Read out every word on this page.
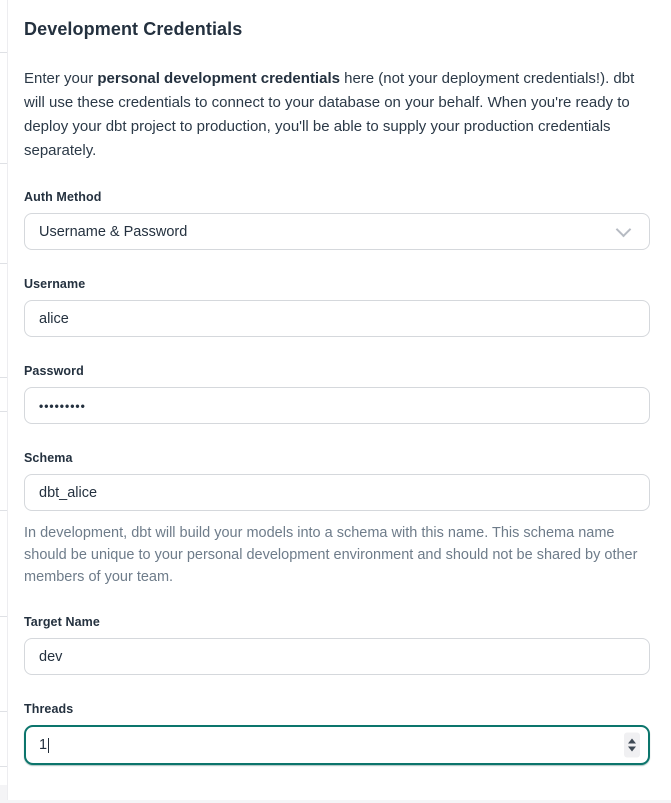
Development Credentials

Enter your personal development credentials here (not your deployment credentials!). dbt will use these credentials to connect to your database on your behalf. When you're ready to deploy your dbt project to production, you'll be able to supply your production credentials separately.

Auth Method
Username & Password
Username
alice
Password
•••••••••
Schema
dbt_alice

In development, dbt will build your models into a schema with this name. This schema name should be unique to your personal development environment and should not be shared by other members of your team.

Target Name
dev
Threads
1
